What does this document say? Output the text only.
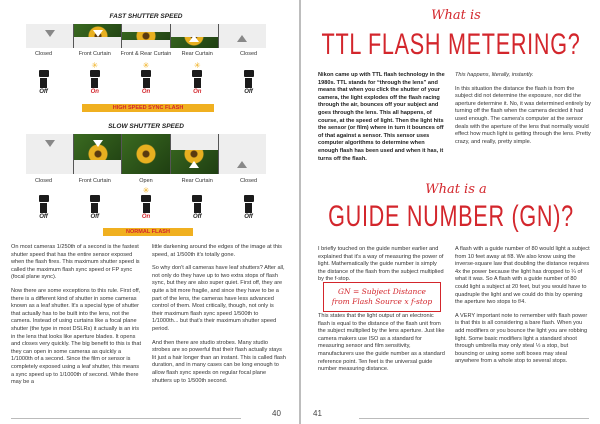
FAST SHUTTER SPEED
Closed	Front Curtain	Front & Rear Curtain	Rear Curtain	Closed
Off
✳
On
✳
On
✳
On	Off
HIGH SPEED SYNC FLASH
SLOW SHUTTER SPEED
Closed	Front Curtain	Open	Rear Curtain	Closed
Off	Off
✳
On	Off	Off
NORMAL FLASH

On most cameras 1/250th of a second is the fastest shutter speed that has the entire sensor exposed when the flash fires. This maximum shutter speed is called the maximum flash sync speed or FP sync (focal plane sync).

Now there are some exceptions to this rule. First off, there is a different kind of shutter in some cameras known as a leaf shutter. It's a special type of shutter that actually has to be built into the lens, not the camera. Instead of using curtains like a focal plane shutter (the type in most DSLRs) it actually is an iris in the lens that looks like aperture blades. It opens and closes very quickly. The big benefit to this is that they can open in some cameras as quickly a 1/1000th of a second. Since the film or sensor is completely exposed using a leaf shutter, this means a sync speed up to 1/1000th of second. While there may be a

little darkening around the edges of the image at this speed, at 1/500th it's totally gone.

So why don't all cameras have leaf shutters? After all, not only do they have up to two extra stops of flash sync, but they are also super quiet. First off, they are quite a bit more fragile, and since they have to be a part of the lens, the cameras have less advanced control of them. Most critically, though, not only is their maximum flash sync speed 1/500th to 1/1000th... but that's their maximum shutter speed period.

And then there are studio strobes. Many studio strobes are so powerful that their flash actually stays lit just a hair longer than an instant. This is called flash duration, and in many cases can be long enough to allow flash sync speeds on regular focal plane shutters up to 1/500th second.

40
What is
TTL FLASH METERING?

Nikon came up with TTL flash technology in the 1980s. TTL stands for “through the lens” and means that when you click the shutter of your camera, the light explodes off the flash racing through the air, bounces off your subject and goes through the lens. This all happens, of course, at the speed of light. Then the light hits the sensor (or film) where in turn it bounces off of that against a sensor. This sensor uses computer algorithms to determine when enough flash has been used and when it has, it turns off the flash.

This happens, literally, instantly.

In this situation the distance the flash is from the subject did not determine the exposure, nor did the aperture determine it. No, it was determined entirely by turning off the flash when the camera decided it had used enough. The camera's computer at the sensor deals with the aperture of the lens that normally would effect how much light is getting through the lens. Pretty crazy, and really, pretty simple.

What is a
GUIDE NUMBER (GN)?

I briefly touched on the guide number earlier and explained that it's a way of measuring the power of light. Mathematically the guide number is simply the distance of the flash from the subject multiplied by the f-stop.

GN = Subject Distance from Flash Source x f-stop

This states that the light output of an electronic flash is equal to the distance of the flash unit from the subject multiplied by the lens aperture. Just like camera makers use ISO as a standard for measuring sensor and film sensitivity, manufacturers use the guide number as a standard reference point. Ten feet is the universal guide number measuring distance.

A flash with a guide number of 80 would light a subject from 10 feet away at f/8. We also know using the inverse-square law that doubling the distance requires 4x the power because the light has dropped to ¼ of what it was. So A flash with a guide number of 80 could light a subject at 20 feet, but you would have to quadruple the light and we could do this by opening the aperture two stops to f/4.

A VERY important note to remember with flash power is that this is all considering a bare flash. When you add modifiers or you bounce the light you are robbing light. Some basic modifiers light a standard shoot through umbrella may only steal ½ a stop, but bouncing or using some soft boxes may steal anywhere from a whole stop to several stops.

41
